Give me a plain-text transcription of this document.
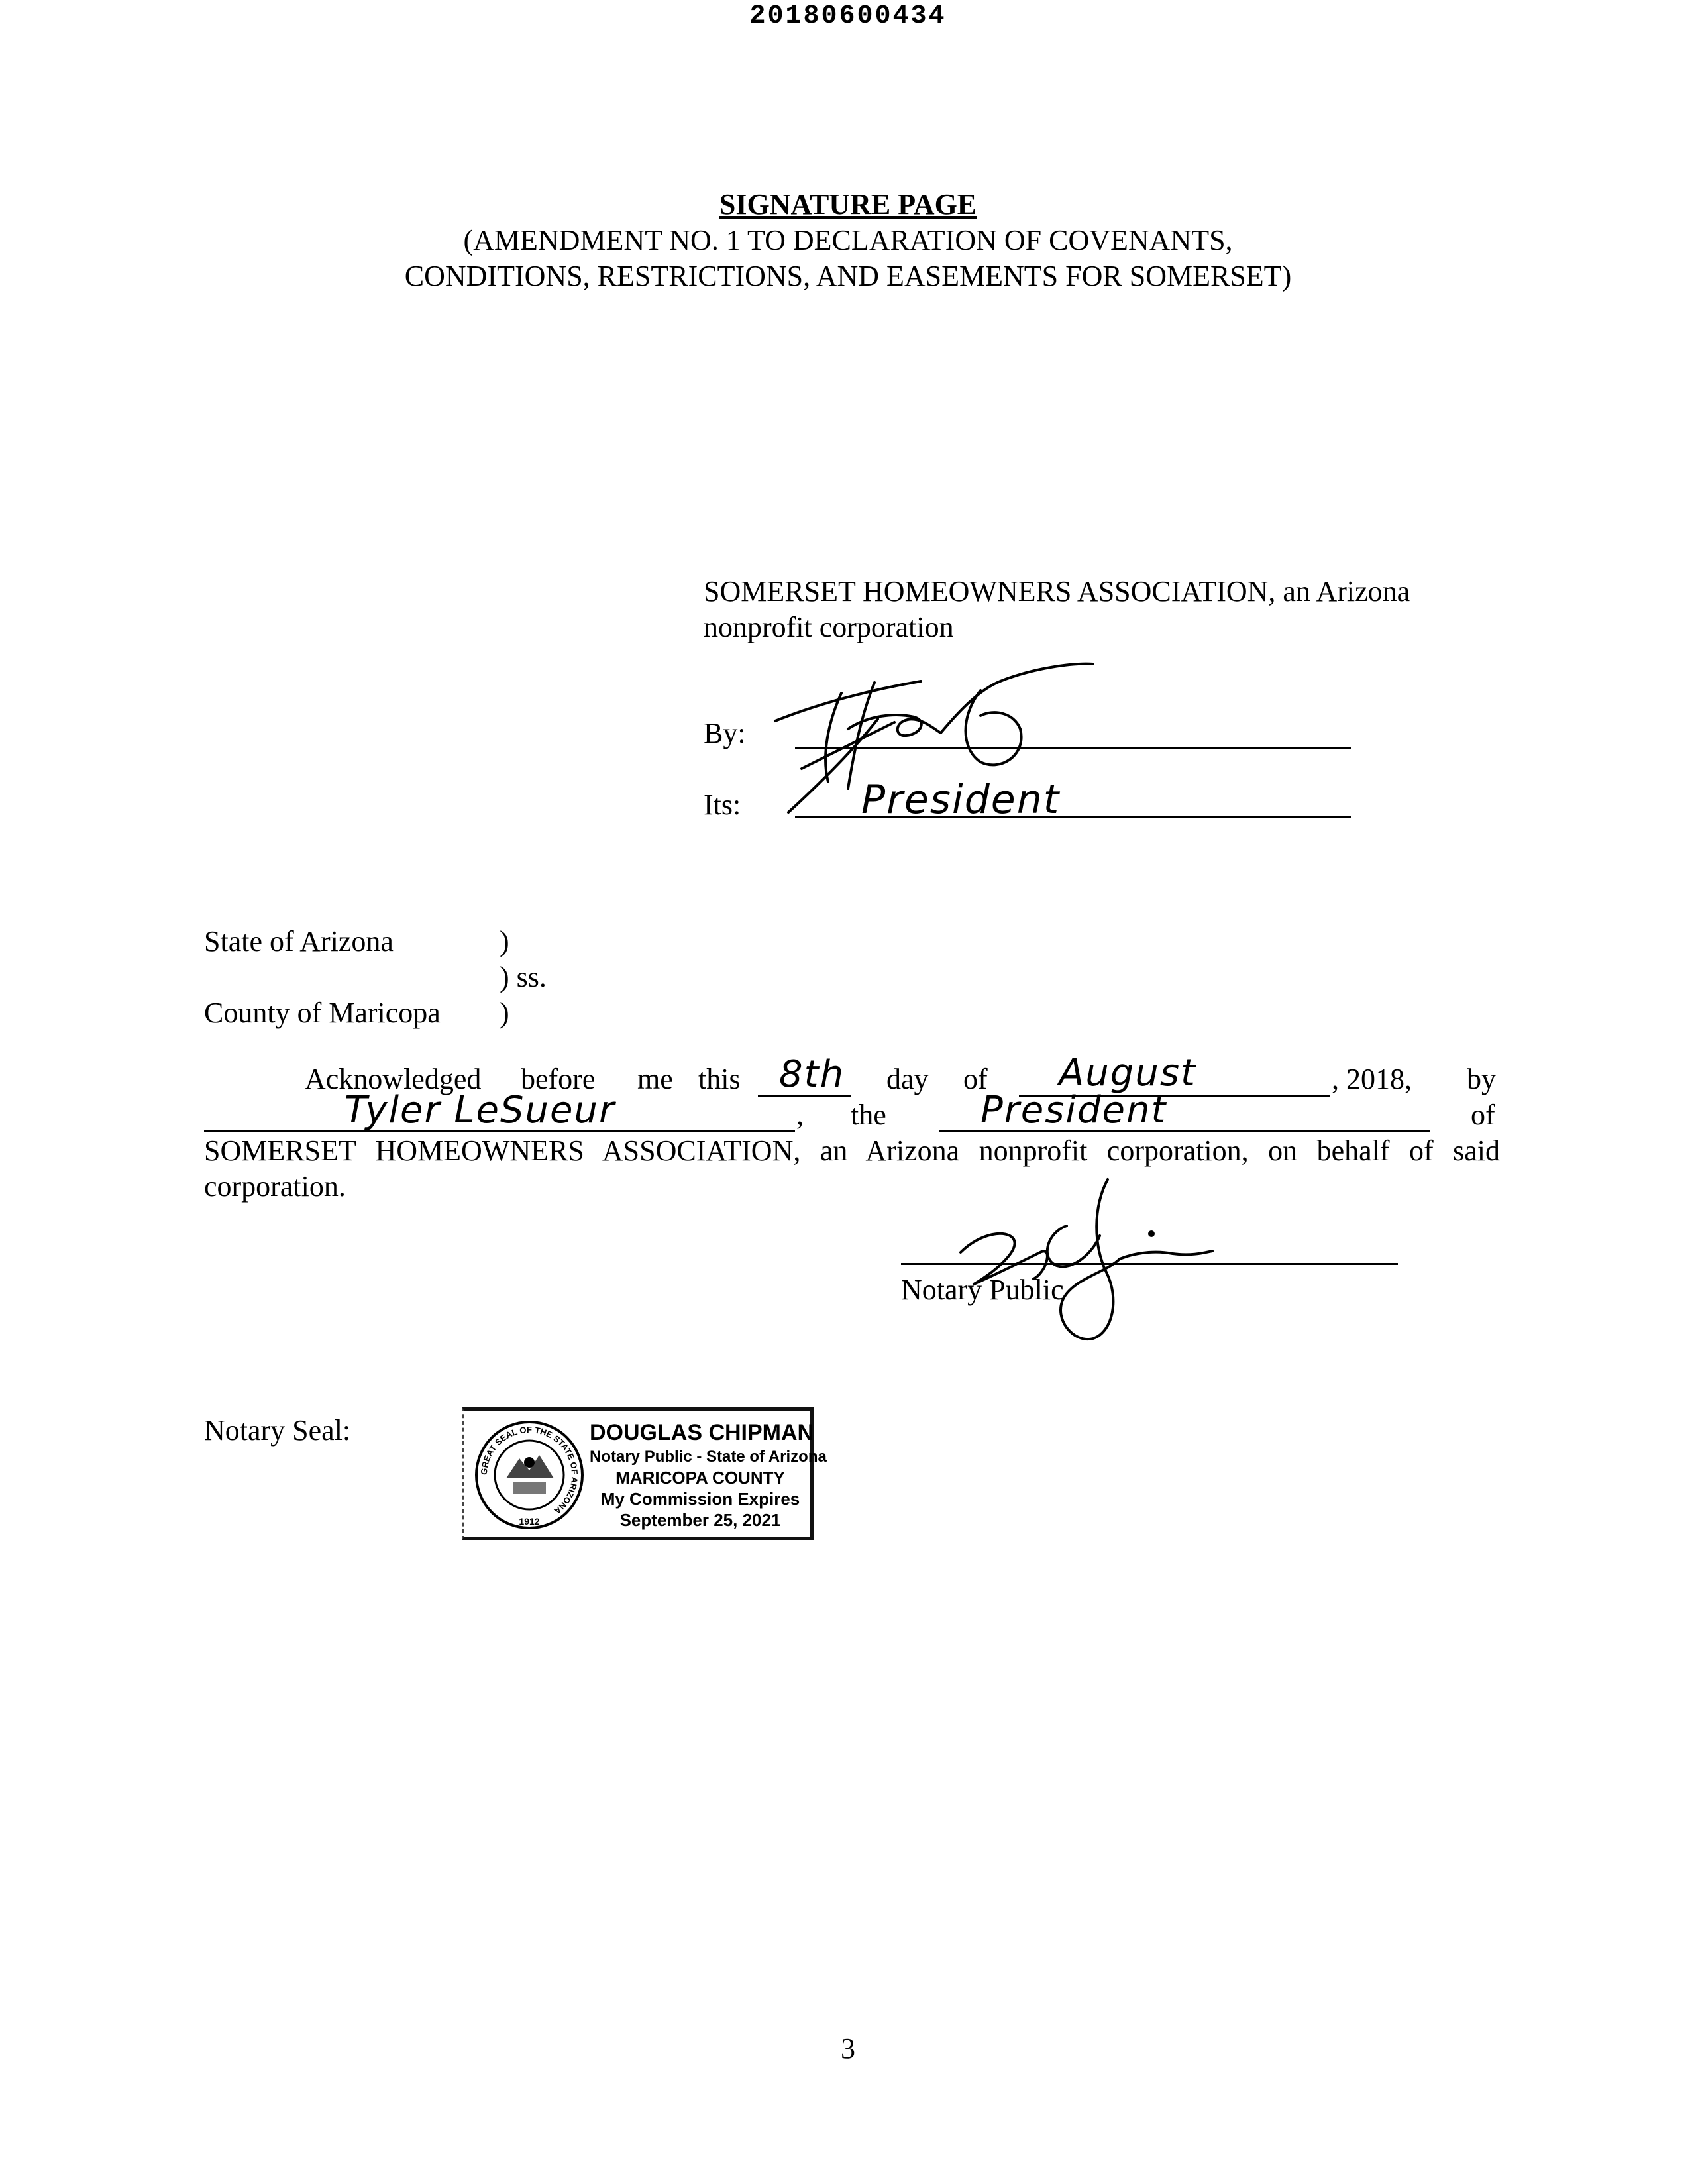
20180600434
SIGNATURE PAGE
(AMENDMENT NO. 1 TO DECLARATION OF COVENANTS,
CONDITIONS, RESTRICTIONS, AND EASEMENTS FOR SOMERSET)
SOMERSET HOMEOWNERS ASSOCIATION, an Arizona
nonprofit corporation
By:
Its:	President
State of Arizona	)
) ss.
County of Maricopa )
Acknowledged before me this 8th day of August	, 2018, by
Tyler LeSueur	, the	President	of
SOMERSET HOMEOWNERS ASSOCIATION, an Arizona nonprofit corporation, on behalf of said
corporation.
Notary Public
Notary Seal:
GREAT SEAL OF THE STATE OF ARIZONA
1912
DOUGLAS CHIPMAN
Notary Public - State of Arizona
MARICOPA COUNTY
My Commission Expires
September 25, 2021
3
